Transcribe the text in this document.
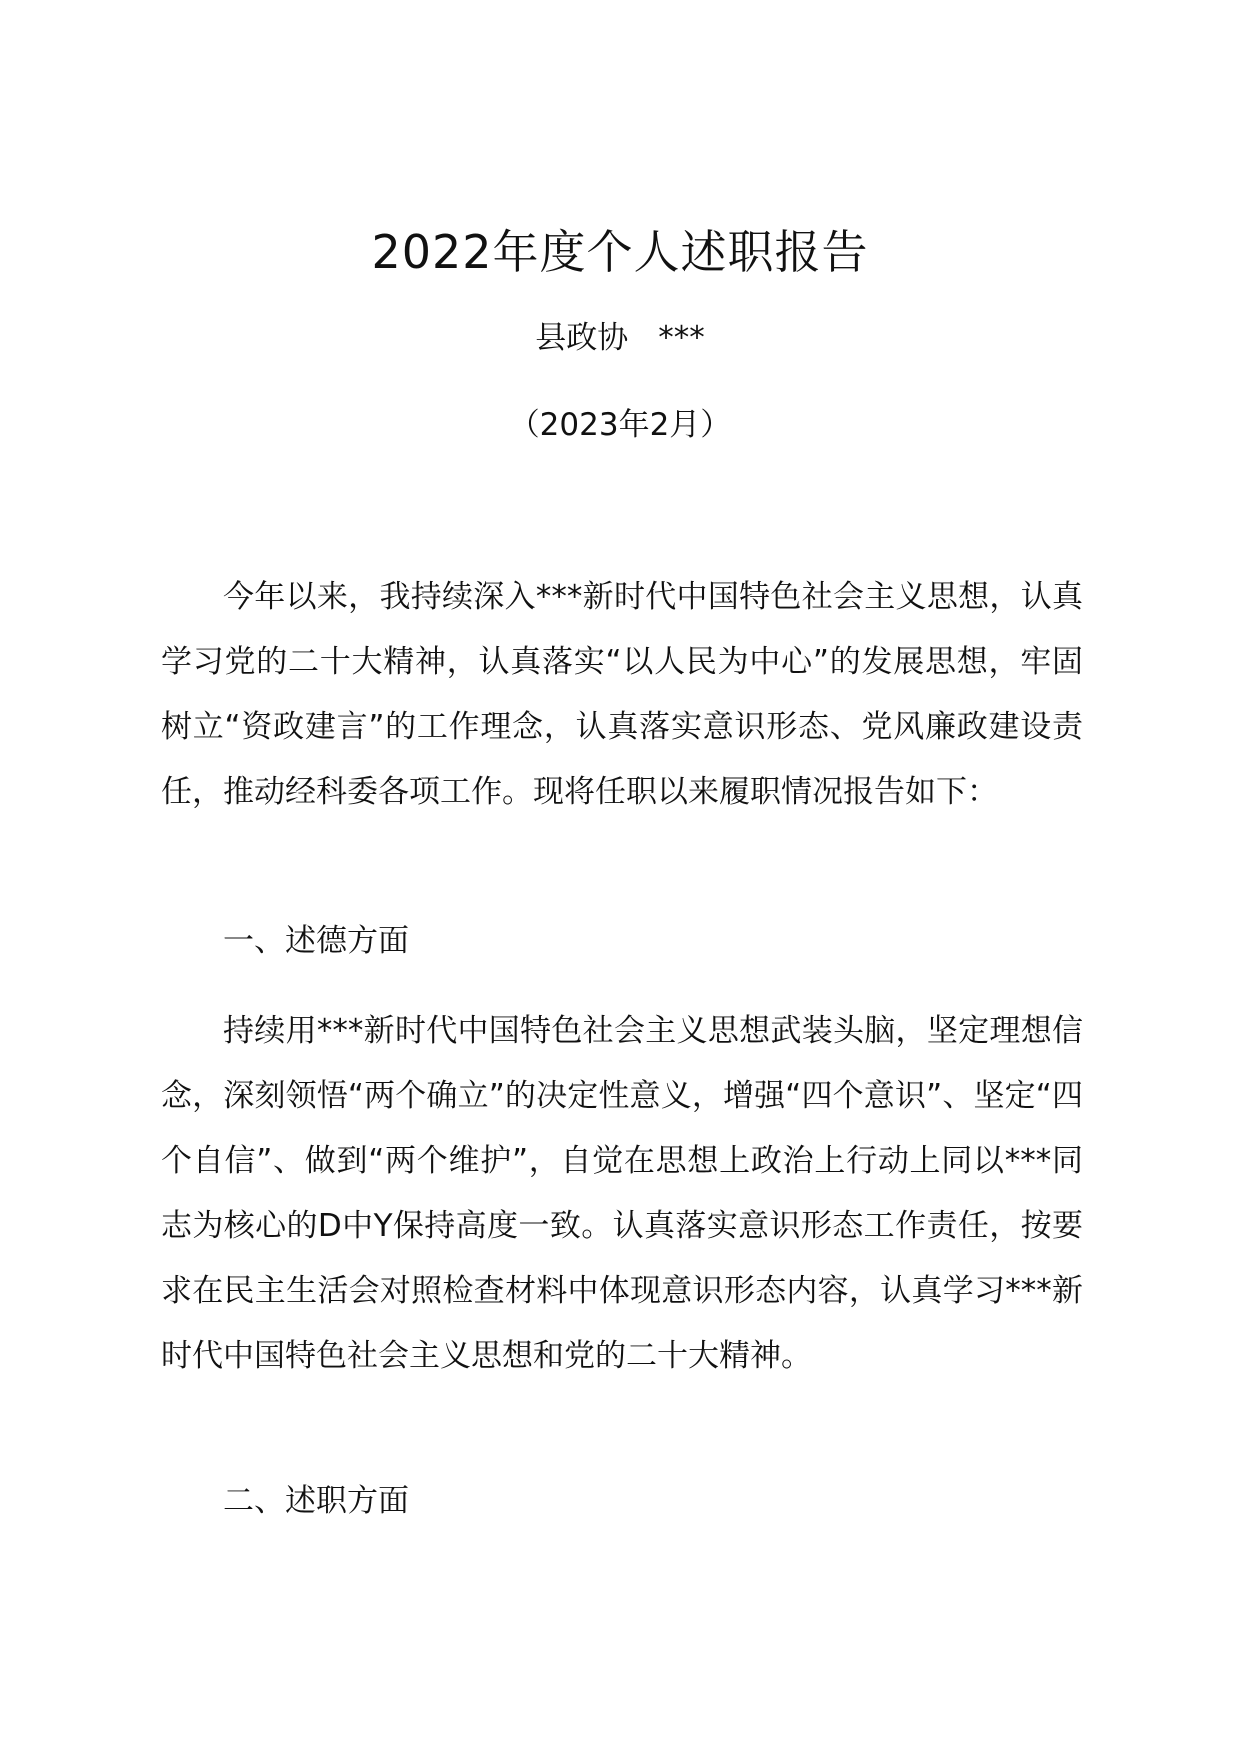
2022年度个人述职报告
县政协 ***
（2023年2月）

今年以来，我持续深入***新时代中国特色社会主义思想，认真学习党的二十大精神，认真落实“以人民为中心”的发展思想，牢固树立“资政建言”的工作理念，认真落实意识形态、党风廉政建设责任，推动经科委各项工作。现将任职以来履职情况报告如下：

一、述德方面

持续用***新时代中国特色社会主义思想武装头脑，坚定理想信念，深刻领悟“两个确立”的决定性意义，增强“四个意识”、坚定“四个自信”、做到“两个维护”，自觉在思想上政治上行动上同以***同志为核心的D中Y保持高度一致。认真落实意识形态工作责任，按要求在民主生活会对照检查材料中体现意识形态内容，认真学习***新时代中国特色社会主义思想和党的二十大精神。

二、述职方面
